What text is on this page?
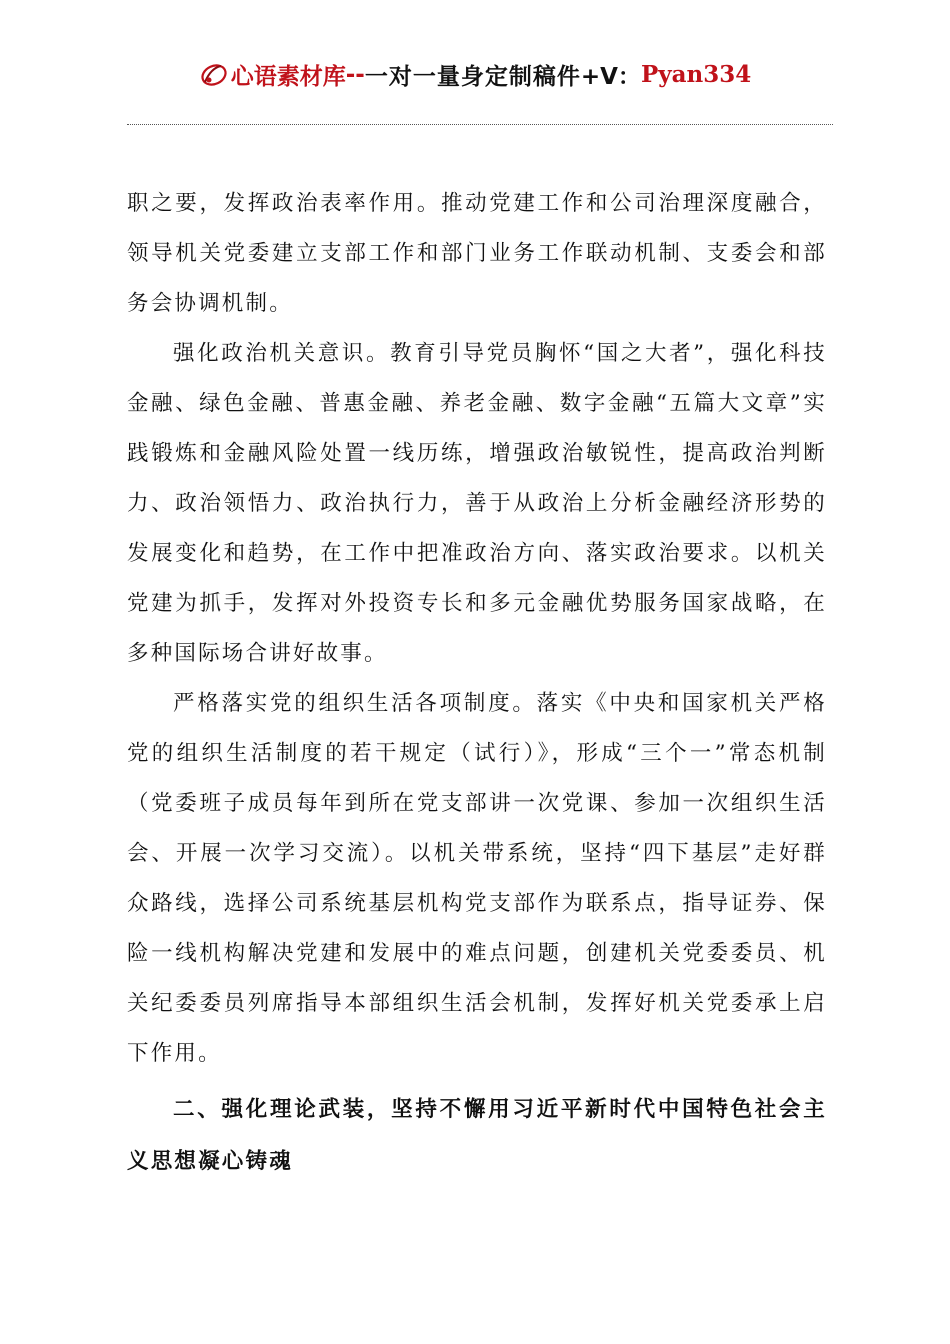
心语素材库 -- 一对一量身定制稿件 +V： Pyan334

职之要，发挥政治表率作用。推动党建工作和公司治理深度融合，领导机关党委建立支部工作和部门业务工作联动机制、支委会和部务会协调机制。

强化政治机关意识。教育引导党员胸怀“国之大者”，强化科技金融、绿色金融、普惠金融、养老金融、数字金融“五篇大文章”实践锻炼和金融风险处置一线历练，增强政治敏锐性，提高政治判断力、政治领悟力、政治执行力，善于从政治上分析金融经济形势的发展变化和趋势，在工作中把准政治方向、落实政治要求。以机关党建为抓手，发挥对外投资专长和多元金融优势服务国家战略，在多种国际场合讲好故事。

严格落实党的组织生活各项制度。落实《中央和国家机关严格党的组织生活制度的若干规定（试行）》，形成“三个一”常态机制（党委班子成员每年到所在党支部讲一次党课、参加一次组织生活会、开展一次学习交流）。以机关带系统，坚持“四下基层”走好群众路线，选择公司系统基层机构党支部作为联系点，指导证券、保险一线机构解决党建和发展中的难点问题，创建机关党委委员、机关纪委委员列席指导本部组织生活会机制，发挥好机关党委承上启下作用。

二、强化理论武装，坚持不懈用习近平新时代中国特色社会主义思想凝心铸魂
